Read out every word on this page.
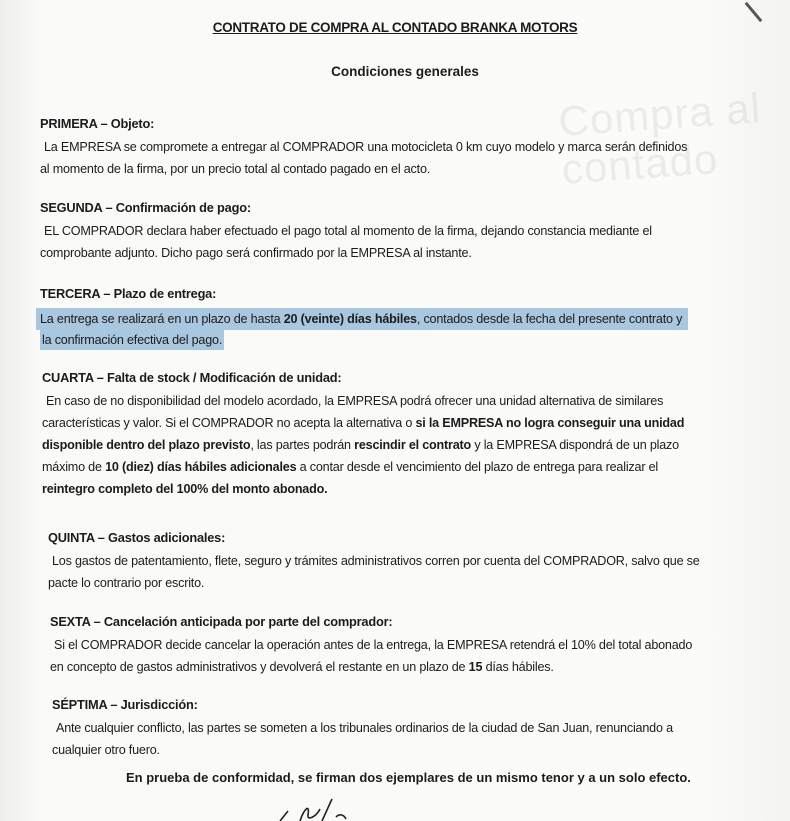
Compra al contado
CONTRATO DE COMPRA AL CONTADO BRANKA MOTORS
Condiciones generales
PRIMERA – Objeto:
La EMPRESA se compromete a entregar al COMPRADOR una motocicleta 0 km cuyo modelo y marca serán definidos
al momento de la firma, por un precio total al contado pagado en el acto.
SEGUNDA – Confirmación de pago:
EL COMPRADOR declara haber efectuado el pago total al momento de la firma, dejando constancia mediante el
comprobante adjunto. Dicho pago será confirmado por la EMPRESA al instante.
TERCERA – Plazo de entrega:
La entrega se realizará en un plazo de hasta 20 (veinte) días hábiles, contados desde la fecha del presente contrato y
la confirmación efectiva del pago.
CUARTA – Falta de stock / Modificación de unidad:
En caso de no disponibilidad del modelo acordado, la EMPRESA podrá ofrecer una unidad alternativa de similares
características y valor. Si el COMPRADOR no acepta la alternativa o si la EMPRESA no logra conseguir una unidad
disponible dentro del plazo previsto, las partes podrán rescindir el contrato y la EMPRESA dispondrá de un plazo
máximo de 10 (diez) días hábiles adicionales a contar desde el vencimiento del plazo de entrega para realizar el
reintegro completo del 100% del monto abonado.
QUINTA – Gastos adicionales:
Los gastos de patentamiento, flete, seguro y trámites administrativos corren por cuenta del COMPRADOR, salvo que se
pacte lo contrario por escrito.
SEXTA – Cancelación anticipada por parte del comprador:
Si el COMPRADOR decide cancelar la operación antes de la entrega, la EMPRESA retendrá el 10% del total abonado
en concepto de gastos administrativos y devolverá el restante en un plazo de 15 días hábiles.
SÉPTIMA – Jurisdicción:
Ante cualquier conflicto, las partes se someten a los tribunales ordinarios de la ciudad de San Juan, renunciando a
cualquier otro fuero.
En prueba de conformidad, se firman dos ejemplares de un mismo tenor y a un solo efecto.
